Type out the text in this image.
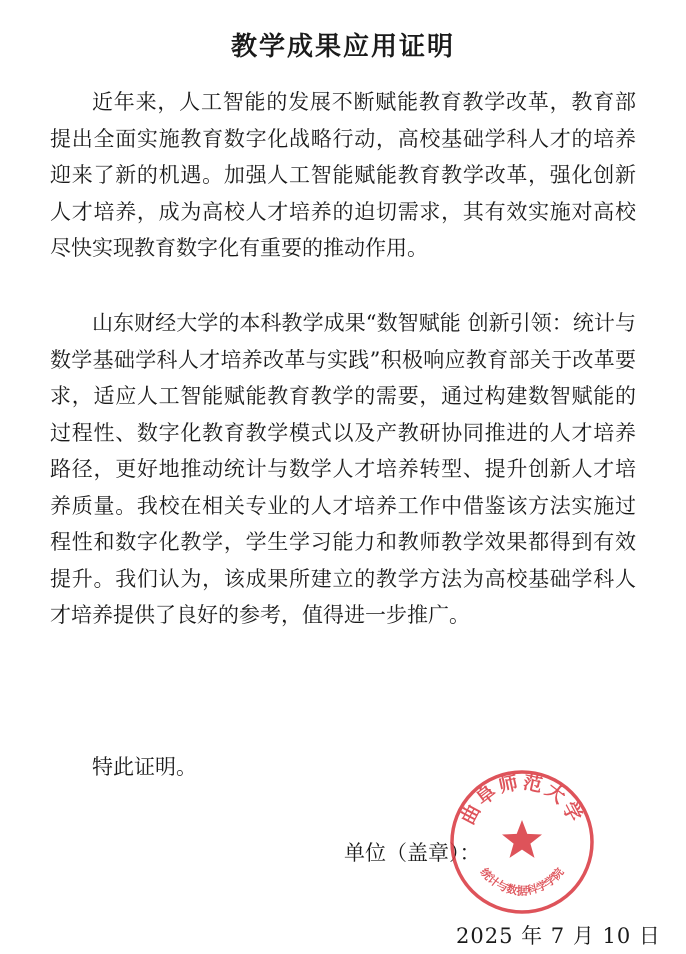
教学成果应用证明

近年来，人工智能的发展不断赋能教育教学改革，教育部提出全面实施教育数字化战略行动，高校基础学科人才的培养迎来了新的机遇。加强人工智能赋能教育教学改革，强化创新人才培养，成为高校人才培养的迫切需求，其有效实施对高校尽快实现教育数字化有重要的推动作用。

山东财经大学的本科教学成果“数智赋能 创新引领：统计与数学基础学科人才培养改革与实践”积极响应教育部关于改革要求，适应人工智能赋能教育教学的需要，通过构建数智赋能的过程性、数字化教育教学模式以及产教研协同推进的人才培养路径，更好地推动统计与数学人才培养转型、提升创新人才培养质量。我校在相关专业的人才培养工作中借鉴该方法实施过程性和数字化教学，学生学习能力和教师教学效果都得到有效提升。我们认为，该成果所建立的教学方法为高校基础学科人才培养提供了良好的参考，值得进一步推广。

特此证明。

单位（盖章）：

曲阜师范大学
统计与数据科学学院

2025 年 7 月 10 日
